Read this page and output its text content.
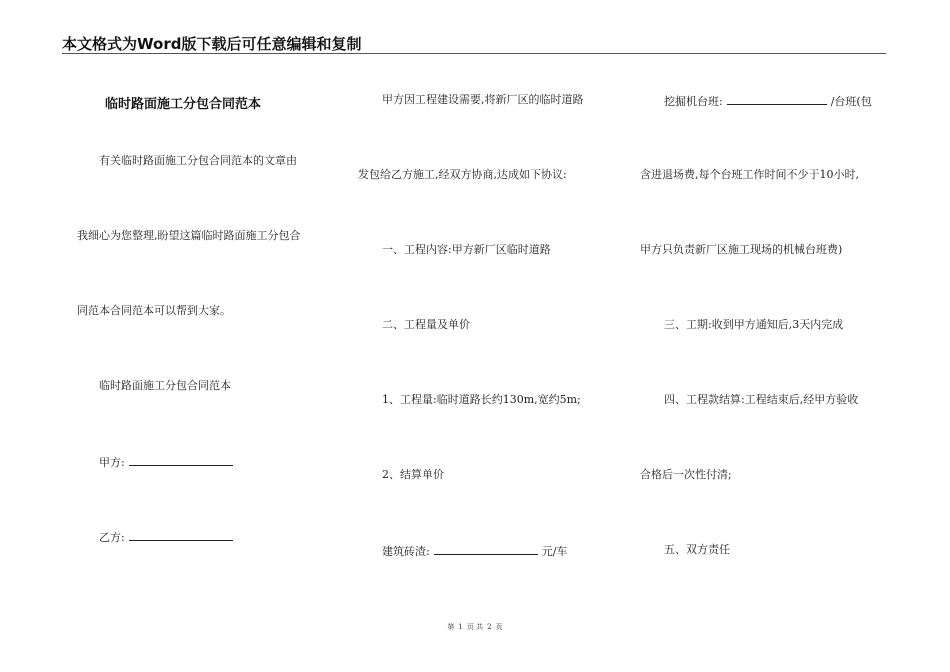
本文格式为Word版下载后可任意编辑和复制
临时路面施工分包合同范本
有关临时路面施工分包合同范本的文章由
我细心为您整理,盼望这篇临时路面施工分包合
同范本合同范本可以帮到大家。
临时路面施工分包合同范本
甲方:
乙方:
甲方因工程建设需要,将新厂区的临时道路
发包给乙方施工,经双方协商,达成如下协议:
一、工程内容:甲方新厂区临时道路
二、工程量及单价
1、工程量:临时道路长约130m,宽约5m;
2、结算单价
建筑砖渣:	元/车
挖掘机台班:	/台班(包
含进退场费,每个台班工作时间不少于10小时,
甲方只负责新厂区施工现场的机械台班费)
三、工期:收到甲方通知后,3天内完成
四、工程款结算:工程结束后,经甲方验收
合格后一次性付清;
五、双方责任
第 1 页 共 2 页
